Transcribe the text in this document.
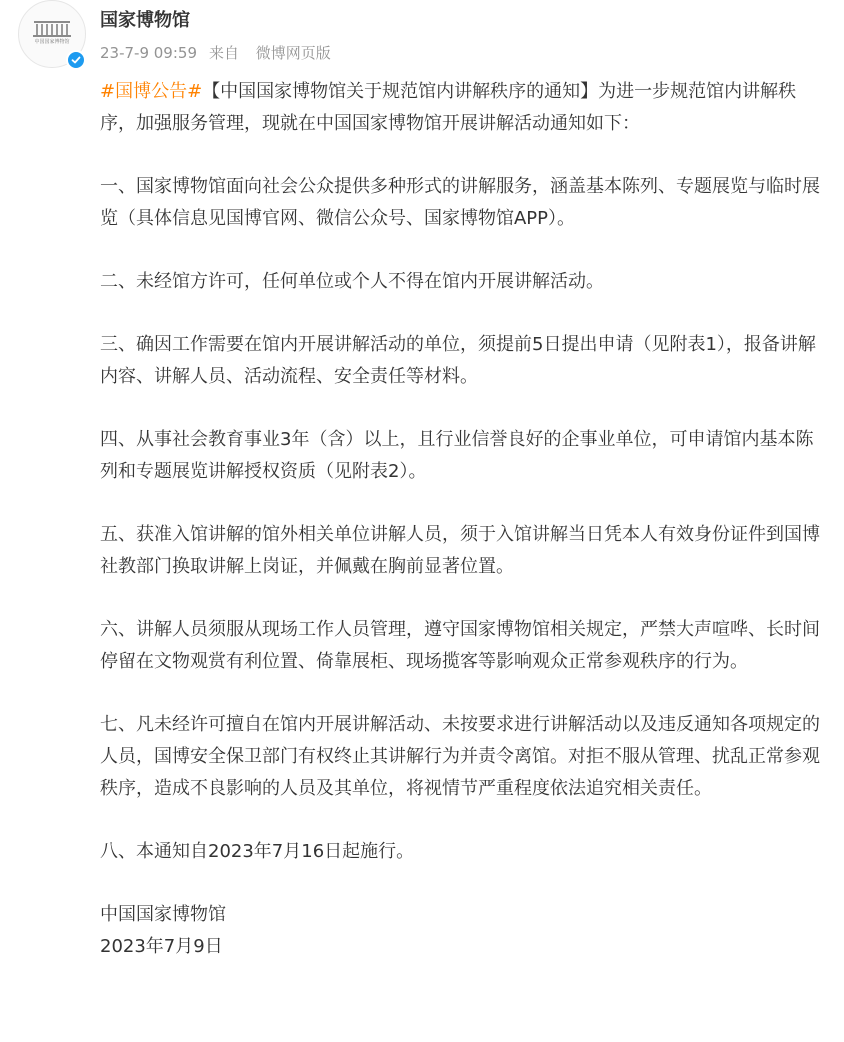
中国国家博物馆
国家博物馆
23-7-9 09:59 来自 微博网页版

#国博公告#【中国国家博物馆关于规范馆内讲解秩序的通知】为进一步规范馆内讲解秩序，加强服务管理，现就在中国国家博物馆开展讲解活动通知如下：

一、国家博物馆面向社会公众提供多种形式的讲解服务，涵盖基本陈列、专题展览与临时展览（具体信息见国博官网、微信公众号、国家博物馆APP）。

二、未经馆方许可，任何单位或个人不得在馆内开展讲解活动。

三、确因工作需要在馆内开展讲解活动的单位，须提前5日提出申请（见附表1），报备讲解内容、讲解人员、活动流程、安全责任等材料。

四、从事社会教育事业3年（含）以上，且行业信誉良好的企事业单位，可申请馆内基本陈列和专题展览讲解授权资质（见附表2）。

五、获准入馆讲解的馆外相关单位讲解人员，须于入馆讲解当日凭本人有效身份证件到国博社教部门换取讲解上岗证，并佩戴在胸前显著位置。

六、讲解人员须服从现场工作人员管理，遵守国家博物馆相关规定，严禁大声喧哗、长时间停留在文物观赏有利位置、倚靠展柜、现场揽客等影响观众正常参观秩序的行为。

七、凡未经许可擅自在馆内开展讲解活动、未按要求进行讲解活动以及违反通知各项规定的人员，国博安全保卫部门有权终止其讲解行为并责令离馆。对拒不服从管理、扰乱正常参观秩序，造成不良影响的人员及其单位，将视情节严重程度依法追究相关责任。

八、本通知自2023年7月16日起施行。

中国国家博物馆

2023年7月9日
